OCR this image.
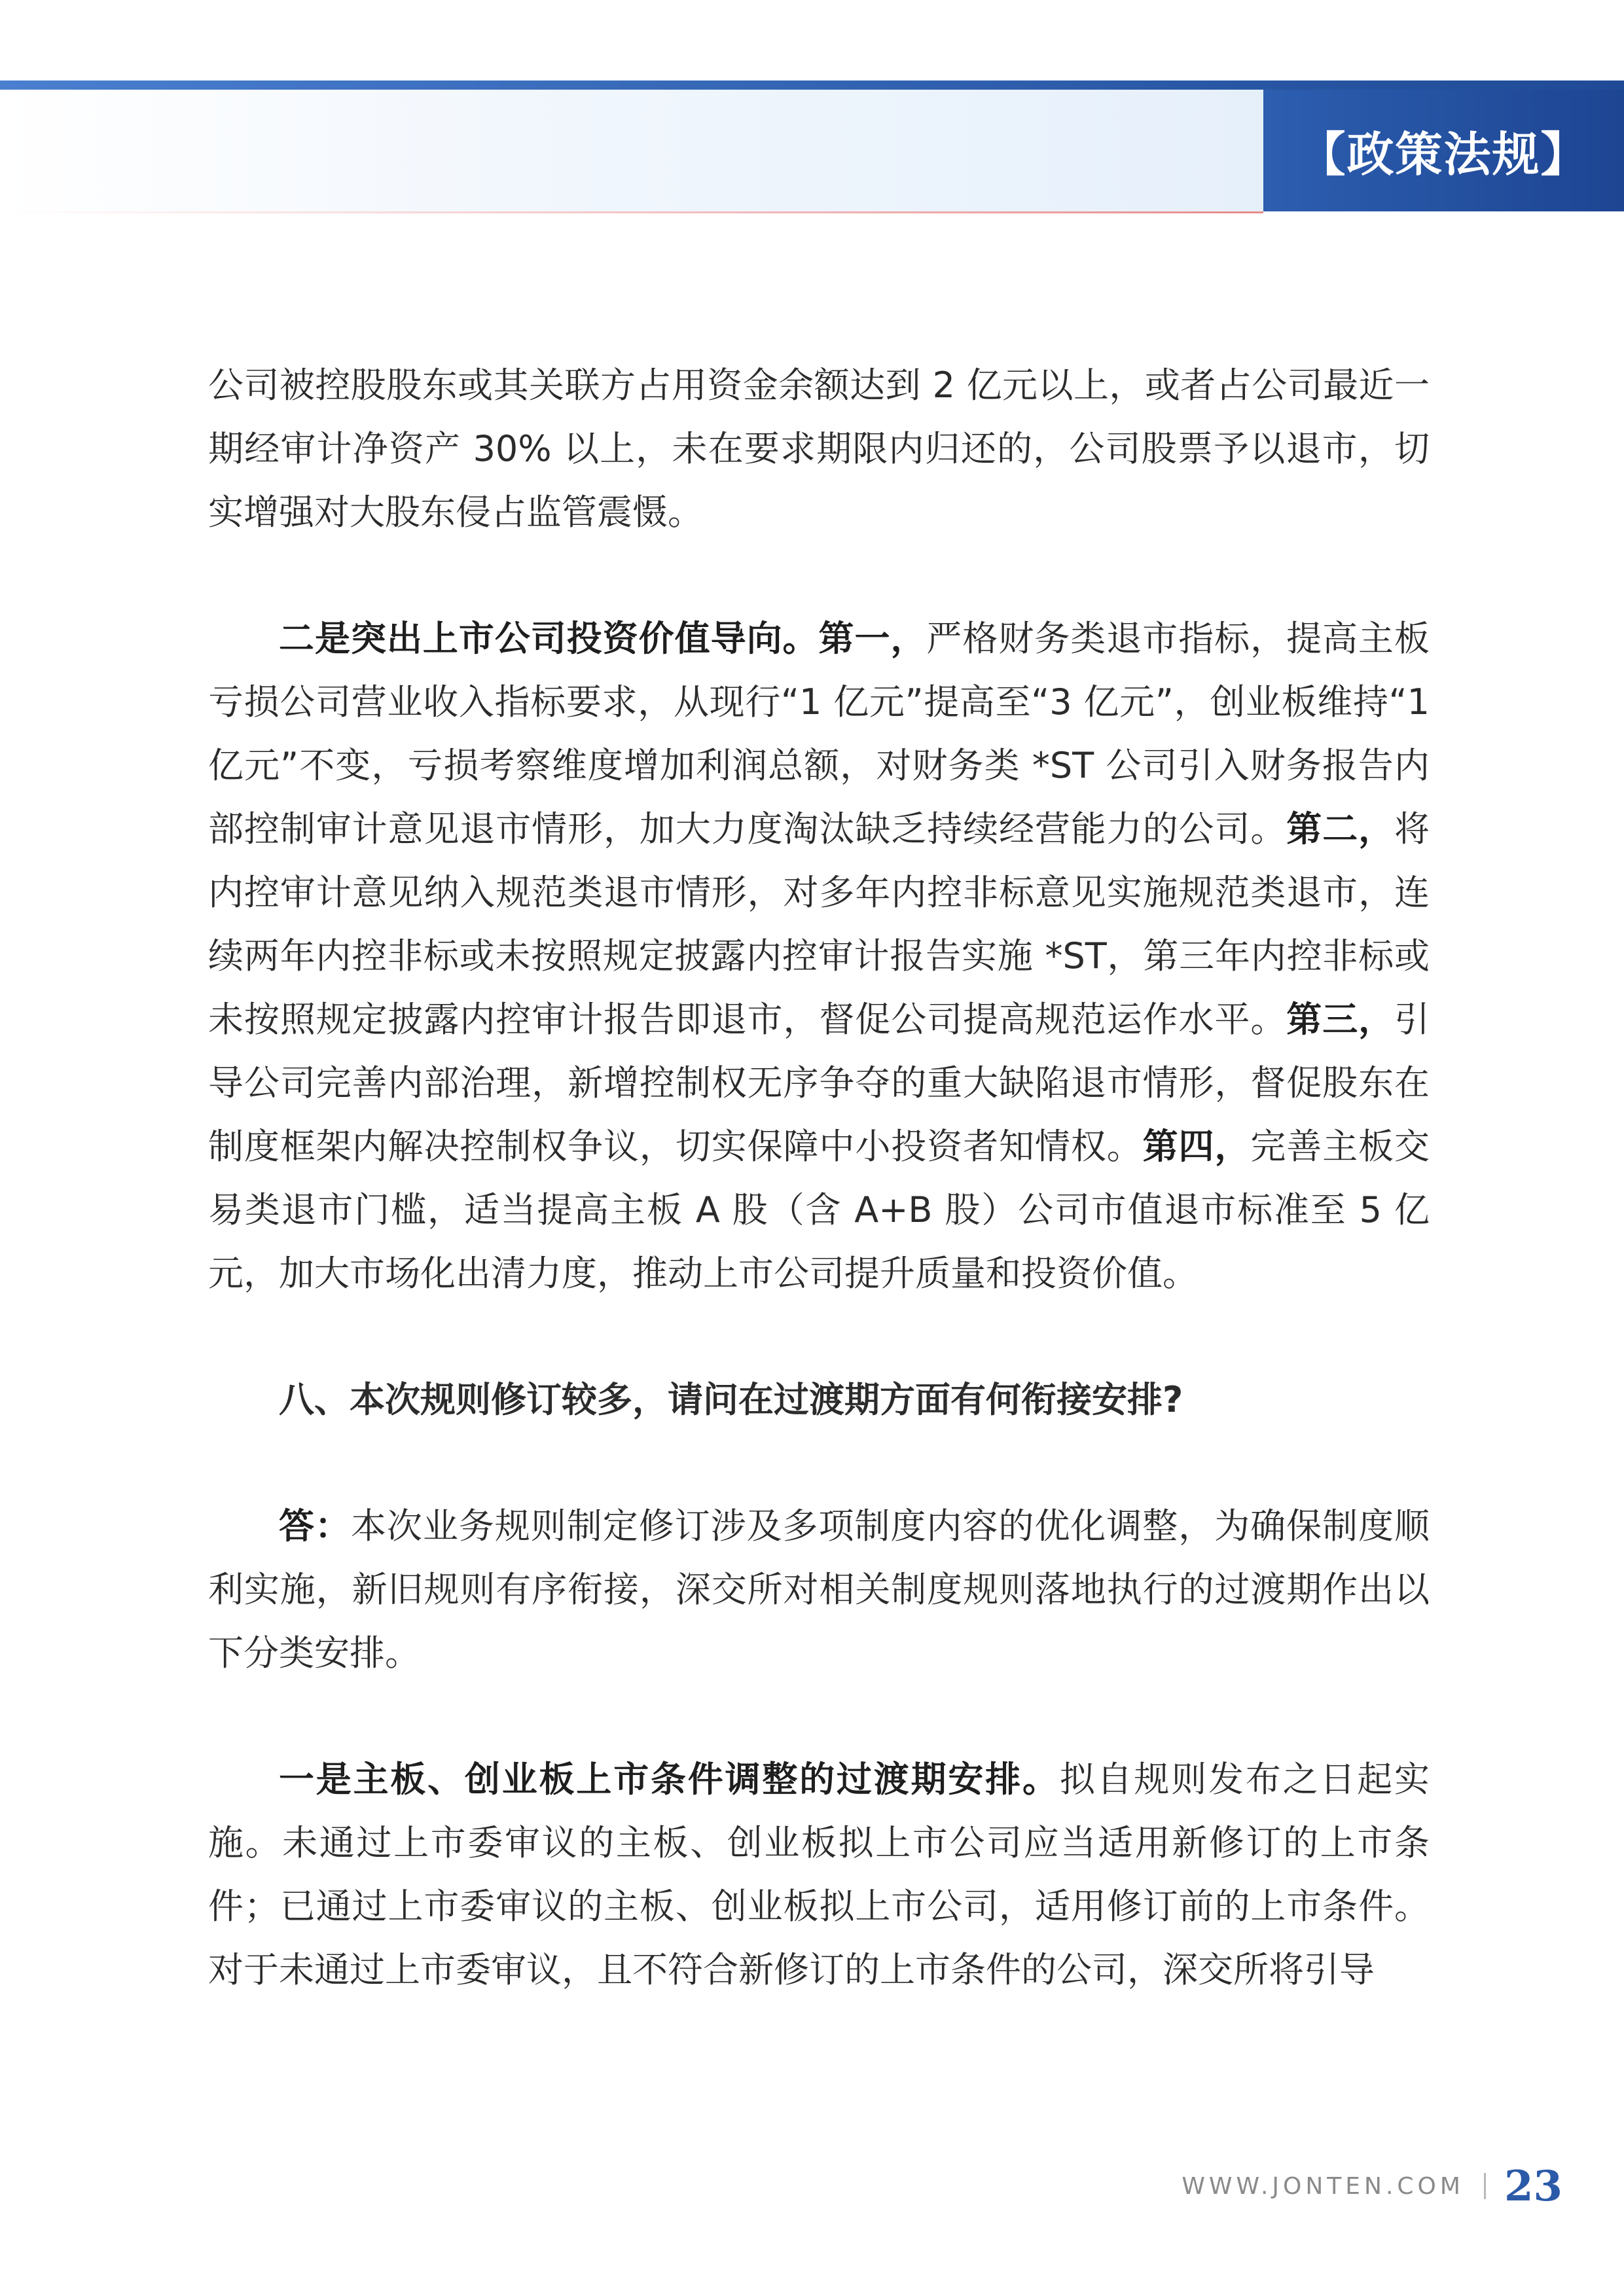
【政策法规】

公司被控股股东或其关联方占用资金余额达到 2 亿元以上，或者占公司最近一期经审计净资产 30% 以上，未在要求期限内归还的，公司股票予以退市，切实增强对大股东侵占监管震慑。

二是突出上市公司投资价值导向。第一，严格财务类退市指标，提高主板亏损公司营业收入指标要求，从现行“1 亿元”提高至“3 亿元”，创业板维持“1 亿元”不变，亏损考察维度增加利润总额，对财务类 *ST 公司引入财务报告内部控制审计意见退市情形，加大力度淘汰缺乏持续经营能力的公司。第二，将内控审计意见纳入规范类退市情形，对多年内控非标意见实施规范类退市，连续两年内控非标或未按照规定披露内控审计报告实施 *ST，第三年内控非标或未按照规定披露内控审计报告即退市，督促公司提高规范运作水平。第三，引导公司完善内部治理，新增控制权无序争夺的重大缺陷退市情形，督促股东在制度框架内解决控制权争议，切实保障中小投资者知情权。第四，完善主板交易类退市门槛，适当提高主板 A 股（含 A+B 股）公司市值退市标准至 5 亿元，加大市场化出清力度，推动上市公司提升质量和投资价值。

八、本次规则修订较多，请问在过渡期方面有何衔接安排?

答：本次业务规则制定修订涉及多项制度内容的优化调整，为确保制度顺利实施，新旧规则有序衔接，深交所对相关制度规则落地执行的过渡期作出以下分类安排。

一是主板、创业板上市条件调整的过渡期安排。拟自规则发布之日起实施。未通过上市委审议的主板、创业板拟上市公司应当适用新修订的上市条件；已通过上市委审议的主板、创业板拟上市公司，适用修订前的上市条件。对于未通过上市委审议，且不符合新修订的上市条件的公司，深交所将引导

WWW.JONTEN.COM 23
